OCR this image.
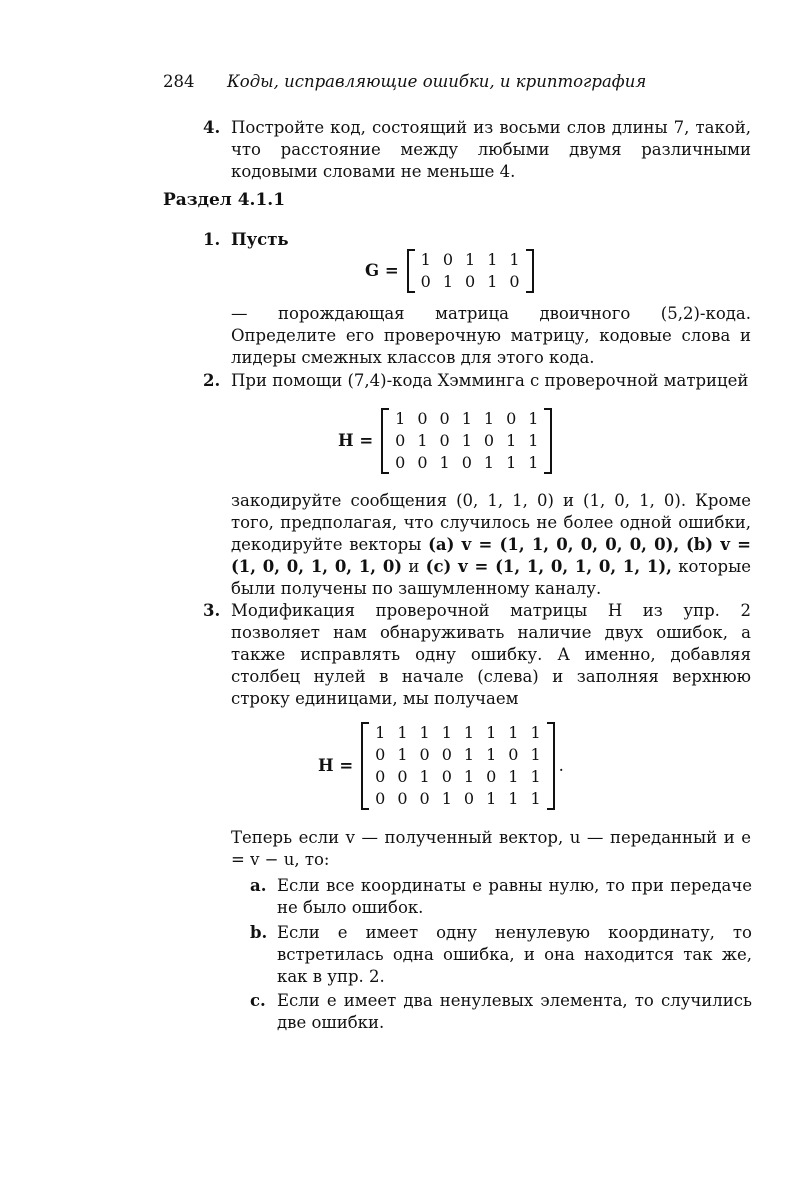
284 Коды, исправляющие ошибки, и криптография
4. Постройте код, состоящий из восьми слов длины 7, такой, что расстояние между любыми двумя различными кодовыми словами не меньше 4.
Раздел 4.1.1
1. Пусть
G =
1	0	1	1	1
0	1	0	1	0
— порождающая матрица двоичного (5,2)-кода. Определите его проверочную матрицу, кодовые слова и лидеры смежных классов для этого кода.
2. При помощи (7,4)-кода Хэмминга с проверочной матрицей
H =
1	0	0	1	1	0	1
0	1	0	1	0	1	1
0	0	1	0	1	1	1
закодируйте сообщения (0, 1, 1, 0) и (1, 0, 1, 0). Кроме того, предполагая, что случилось не более одной ошибки, декодируйте векторы (a) v = (1, 1, 0, 0, 0, 0, 0), (b) v = (1, 0, 0, 1, 0, 1, 0) и (c) v = (1, 1, 0, 1, 0, 1, 1), которые были получены по зашумленному каналу.
3. Модификация проверочной матрицы H из упр. 2 позволяет нам обнаруживать наличие двух ошибок, а также исправлять одну ошибку. А именно, добавляя столбец нулей в начале (слева) и заполняя верхнюю строку единицами, мы получаем
H =
1	1	1	1	1	1	1	1
0	1	0	0	1	1	0	1
0	0	1	0	1	0	1	1
0	0	0	1	0	1	1	1
.
Теперь если v — полученный вектор, u — переданный и e = v − u, то:
a. Если все координаты e равны нулю, то при передаче не было ошибок.
b. Если e имеет одну ненулевую координату, то встретилась одна ошибка, и она находится так же, как в упр. 2.
c. Если e имеет два ненулевых элемента, то случились две ошибки.
